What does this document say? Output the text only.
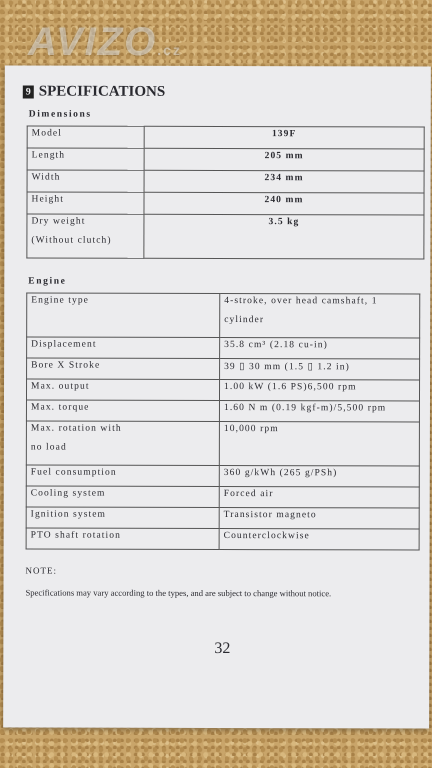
AVIZO.cz
9 SPECIFICATIONS
Dimensions
Model	139F
Length	205 mm
Width	234 mm
Height	240 mm

Dry weight
(Without clutch)	3.5 kg
Engine
Engine type	4-stroke, over head camshaft, 1
cylinder

Displacement	35.8 cm³ (2.18 cu-in)
Bore X Stroke	39 ▯ 30 mm (1.5 ▯ 1.2 in)
Max. output	1.00 kW (1.6 PS)6,500 rpm
Max. torque	1.60 N m (0.19 kgf-m)/5,500 rpm

Max. rotation with
no load	10,000 rpm
Fuel consumption	360 g/kWh (265 g/PSh)
Cooling system	Forced air
Ignition system	Transistor magneto
PTO shaft rotation	Counterclockwise
NOTE:
Specifications may vary according to the types, and are subject to change without notice.
32
